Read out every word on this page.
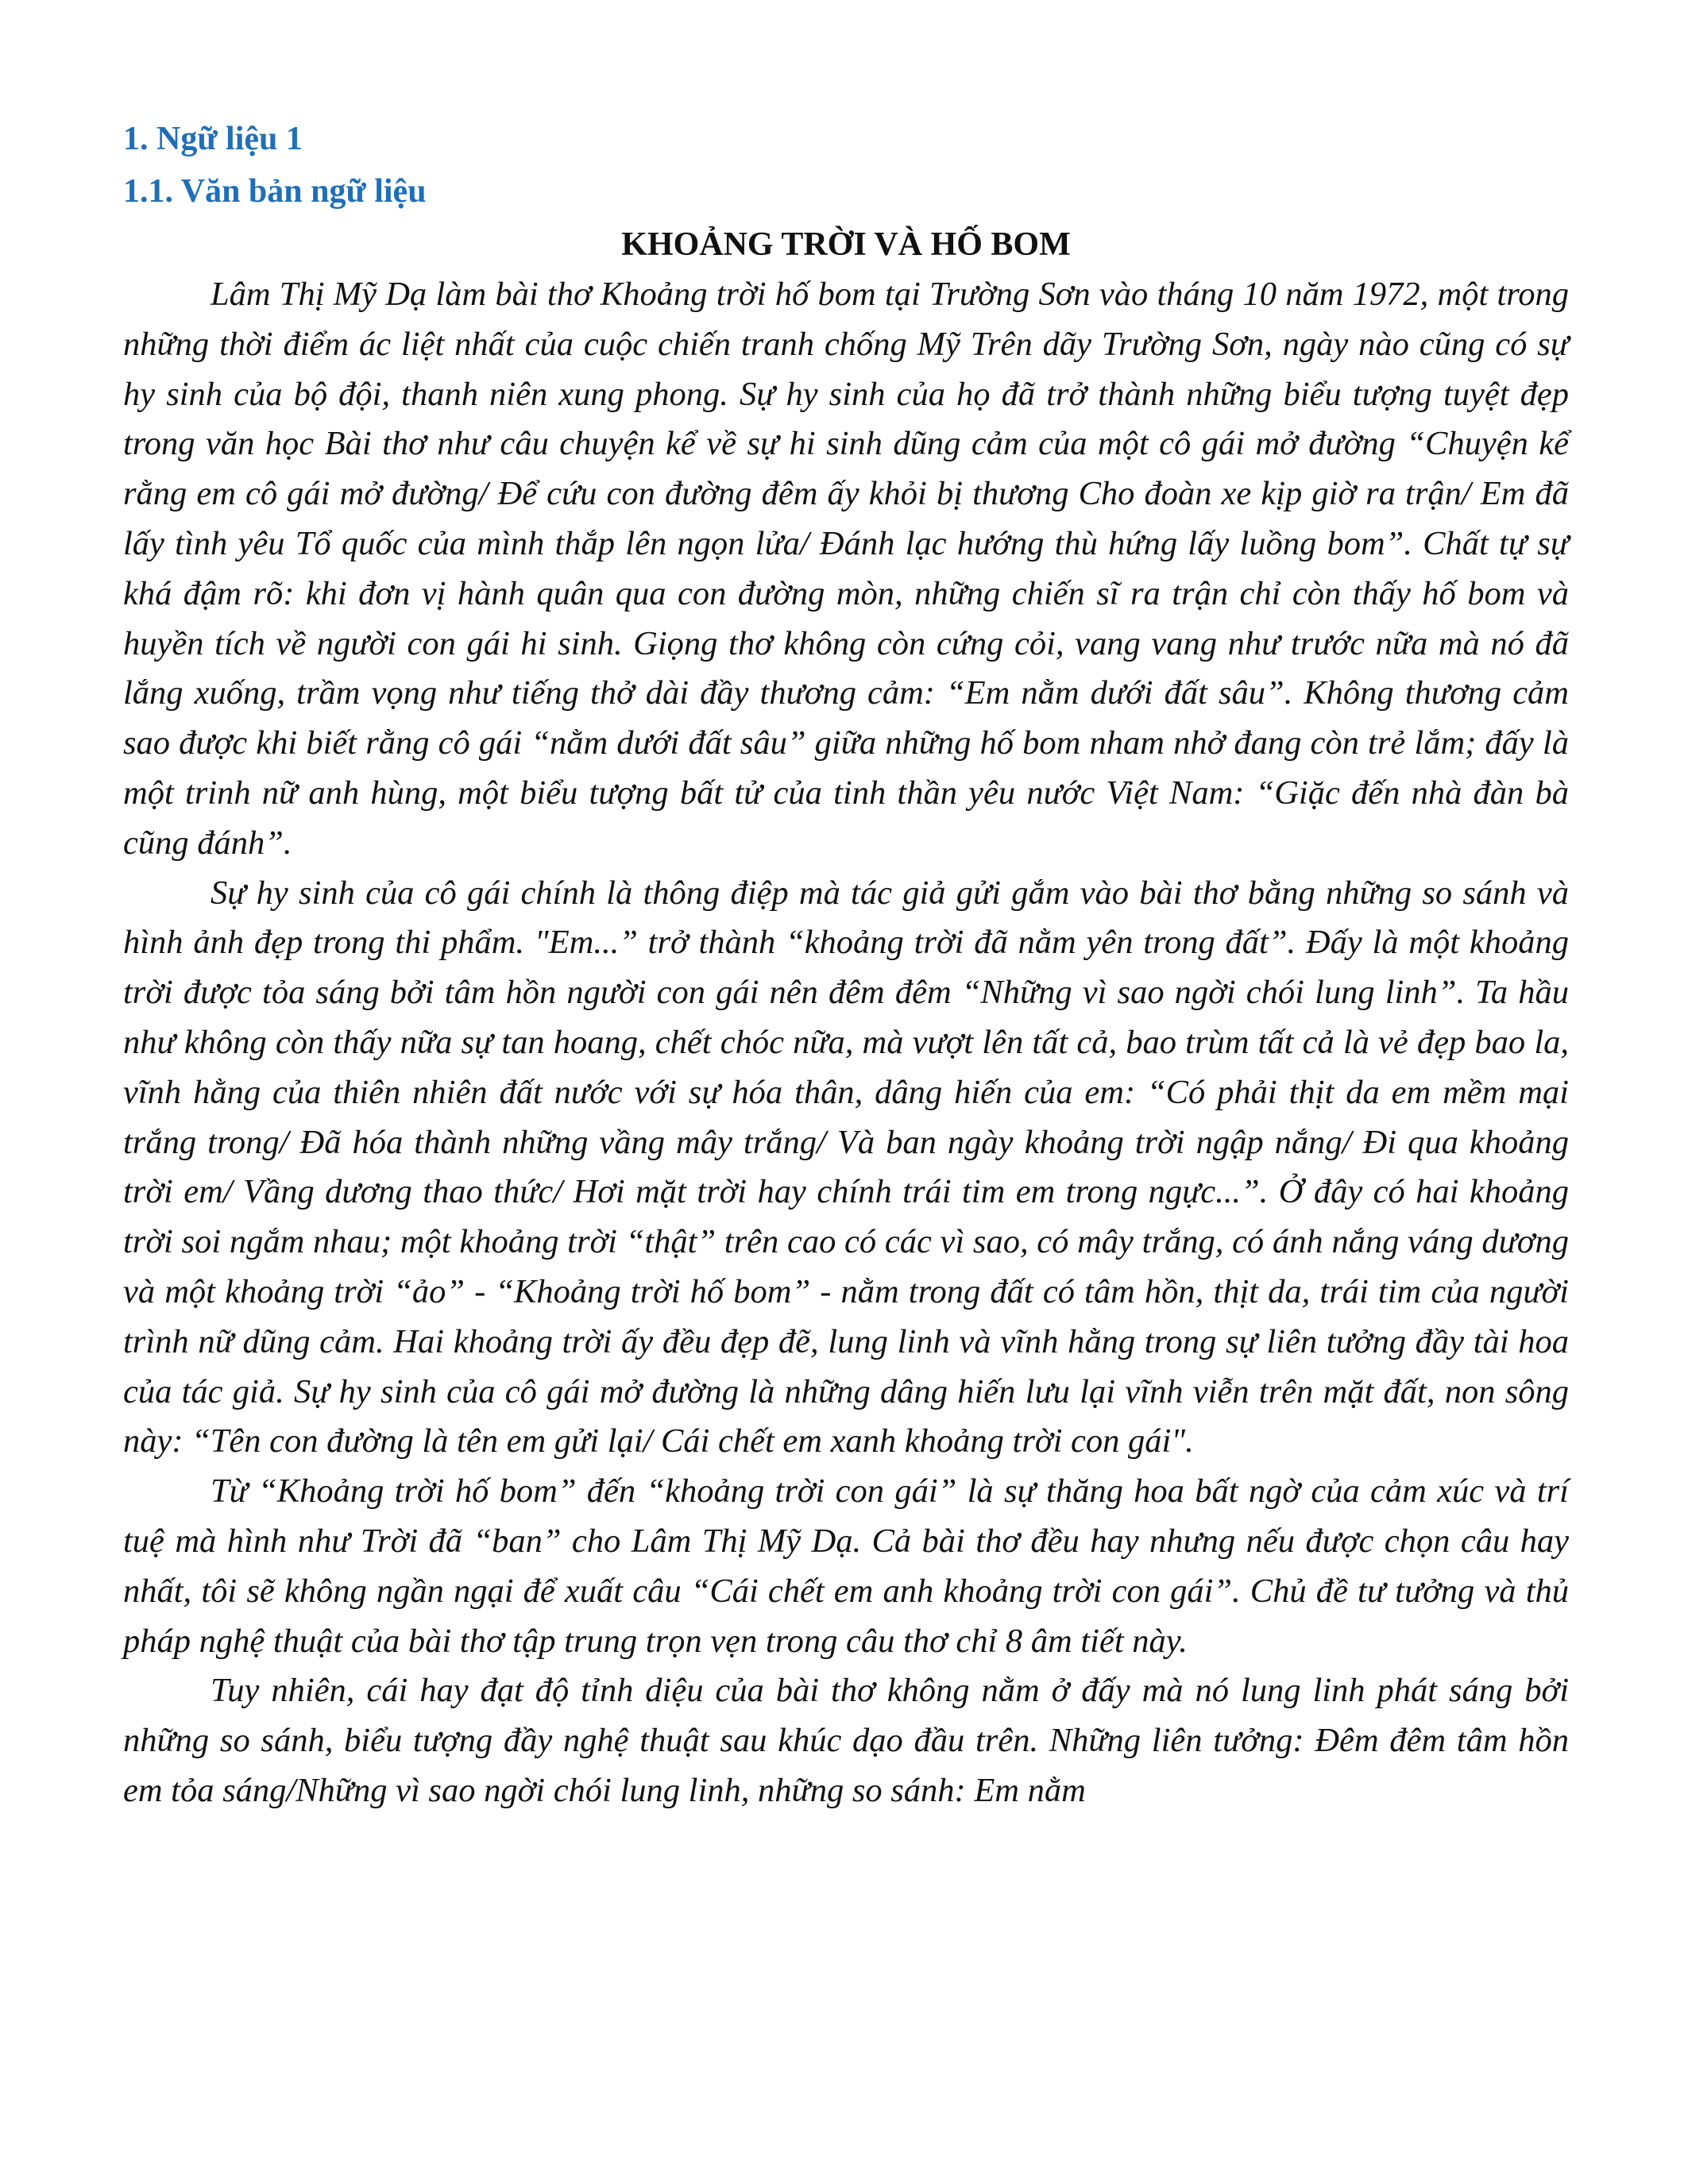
1. Ngữ liệu 1

1.1. Văn bản ngữ liệu

KHOẢNG TRỜI VÀ HỐ BOM

Lâm Thị Mỹ Dạ làm bài thơ Khoảng trời hố bom tại Trường Sơn vào tháng 10 năm 1972, một trong những thời điểm ác liệt nhất của cuộc chiến tranh chống Mỹ Trên dãy Trường Sơn, ngày nào cũng có sự hy sinh của bộ đội, thanh niên xung phong. Sự hy sinh của họ đã trở thành những biểu tượng tuyệt đẹp trong văn học Bài thơ như câu chuyện kể về sự hi sinh dũng cảm của một cô gái mở đường “Chuyện kể rằng em cô gái mở đường/ Để cứu con đường đêm ấy khỏi bị thương Cho đoàn xe kịp giờ ra trận/ Em đã lấy tình yêu Tổ quốc của mình thắp lên ngọn lửa/ Đánh lạc hướng thù hứng lấy luồng bom”. Chất tự sự khá đậm rõ: khi đơn vị hành quân qua con đường mòn, những chiến sĩ ra trận chỉ còn thấy hố bom và huyền tích về người con gái hi sinh. Giọng thơ không còn cứng cỏi, vang vang như trước nữa mà nó đã lắng xuống, trầm vọng như tiếng thở dài đầy thương cảm: “Em nằm dưới đất sâu”. Không thương cảm sao được khi biết rằng cô gái “nằm dưới đất sâu” giữa những hố bom nham nhở đang còn trẻ lắm; đấy là một trinh nữ anh hùng, một biểu tượng bất tử của tinh thần yêu nước Việt Nam: “Giặc đến nhà đàn bà cũng đánh”.

Sự hy sinh của cô gái chính là thông điệp mà tác giả gửi gắm vào bài thơ bằng những so sánh và hình ảnh đẹp trong thi phẩm. "Em...” trở thành “khoảng trời đã nằm yên trong đất”. Đấy là một khoảng trời được tỏa sáng bởi tâm hồn người con gái nên đêm đêm “Những vì sao ngời chói lung linh”. Ta hầu như không còn thấy nữa sự tan hoang, chết chóc nữa, mà vượt lên tất cả, bao trùm tất cả là vẻ đẹp bao la, vĩnh hằng của thiên nhiên đất nước với sự hóa thân, dâng hiến của em: “Có phải thịt da em mềm mại trắng trong/ Đã hóa thành những vầng mây trắng/ Và ban ngày khoảng trời ngập nắng/ Đi qua khoảng trời em/ Vầng dương thao thức/ Hơi mặt trời hay chính trái tim em trong ngực...”. Ở đây có hai khoảng trời soi ngắm nhau; một khoảng trời “thật” trên cao có các vì sao, có mây trắng, có ánh nắng váng dương và một khoảng trời “ảo” - “Khoảng trời hố bom” - nằm trong đất có tâm hồn, thịt da, trái tim của người trình nữ dũng cảm. Hai khoảng trời ấy đều đẹp đẽ, lung linh và vĩnh hằng trong sự liên tưởng đầy tài hoa của tác giả. Sự hy sinh của cô gái mở đường là những dâng hiến lưu lại vĩnh viễn trên mặt đất, non sông này: “Tên con đường là tên em gửi lại/ Cái chết em xanh khoảng trời con gái".

Từ “Khoảng trời hố bom” đến “khoảng trời con gái” là sự thăng hoa bất ngờ của cảm xúc và trí tuệ mà hình như Trời đã “ban” cho Lâm Thị Mỹ Dạ. Cả bài thơ đều hay nhưng nếu được chọn câu hay nhất, tôi sẽ không ngần ngại để xuất câu “Cái chết em anh khoảng trời con gái”. Chủ đề tư tưởng và thủ pháp nghệ thuật của bài thơ tập trung trọn vẹn trong câu thơ chỉ 8 âm tiết này.

Tuy nhiên, cái hay đạt độ tỉnh diệu của bài thơ không nằm ở đấy mà nó lung linh phát sáng bởi những so sánh, biểu tượng đầy nghệ thuật sau khúc dạo đầu trên. Những liên tưởng: Đêm đêm tâm hồn em tỏa sáng/Những vì sao ngời chói lung linh, những so sánh: Em nằm
